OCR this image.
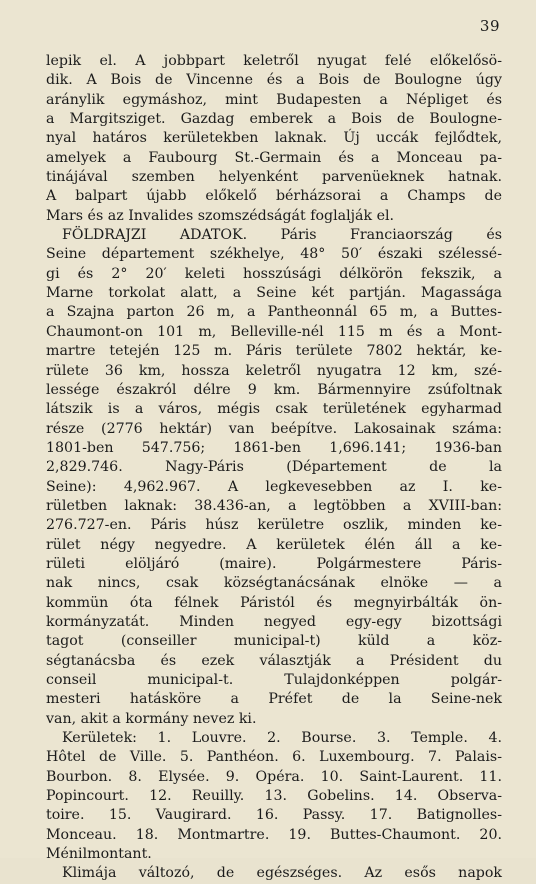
39
lepik el. A jobbpart keletről nyugat felé előkelősö-
dik. A Bois de Vincenne és a Bois de Boulogne úgy
aránylik egymáshoz, mint Budapesten a Népliget és
a Margitsziget. Gazdag emberek a Bois de Boulogne-
nyal határos kerületekben laknak. Új uccák fejlődtek,
amelyek a Faubourg St.-Germain és a Monceau pa-
tinájával szemben helyenként parvenüeknek hatnak.
A balpart újabb előkelő bérházsorai a Champs de
Mars és az Invalides szomszédságát foglalják el.
FÖLDRAJZI ADATOK. Páris Franciaország és
Seine département székhelye, 48° 50′ északi szélessé-
gi és 2° 20′ keleti hosszúsági délkörön fekszik, a
Marne torkolat alatt, a Seine két partján. Magassága
a Szajna parton 26 m, a Pantheonnál 65 m, a Buttes-
Chaumont-on 101 m, Belleville-nél 115 m és a Mont-
martre tetején 125 m. Páris területe 7802 hektár, ke-
rülete 36 km, hossza keletről nyugatra 12 km, szé-
lessége északról délre 9 km. Bármennyire zsúfoltnak
látszik is a város, mégis csak területének egyharmad
része (2776 hektár) van beépítve. Lakosainak száma:
1801-ben 547.756; 1861-ben 1,696.141; 1936-ban
2,829.746. Nagy-Páris (Département de la
Seine): 4,962.967. A legkevesebben az I. ke-
rületben laknak: 38.436-an, a legtöbben a XVIII-ban:
276.727-en. Páris húsz kerületre oszlik, minden ke-
rület négy negyedre. A kerületek élén áll a ke-
rületi elöljáró (maire). Polgármestere Páris-
nak nincs, csak községtanácsának elnöke — a
kommün óta félnek Páristól és megnyirbálták ön-
kormányzatát. Minden negyed egy-egy bizottsági
tagot (conseiller municipal-t) küld a köz-
ségtanácsba és ezek választják a Président du
conseil municipal-t. Tulajdonképpen polgár-
mesteri hatásköre a Préfet de la Seine-nek
van, akit a kormány nevez ki.
Kerületek: 1. Louvre. 2. Bourse. 3. Temple. 4.
Hôtel de Ville. 5. Panthéon. 6. Luxembourg. 7. Palais-
Bourbon. 8. Elysée. 9. Opéra. 10. Saint-Laurent. 11.
Popincourt. 12. Reuilly. 13. Gobelins. 14. Observa-
toire. 15. Vaugirard. 16. Passy. 17. Batignolles-
Monceau. 18. Montmartre. 19. Buttes-Chaumont. 20.
Ménilmontant.
Klimája változó, de egészséges. Az esős napok
